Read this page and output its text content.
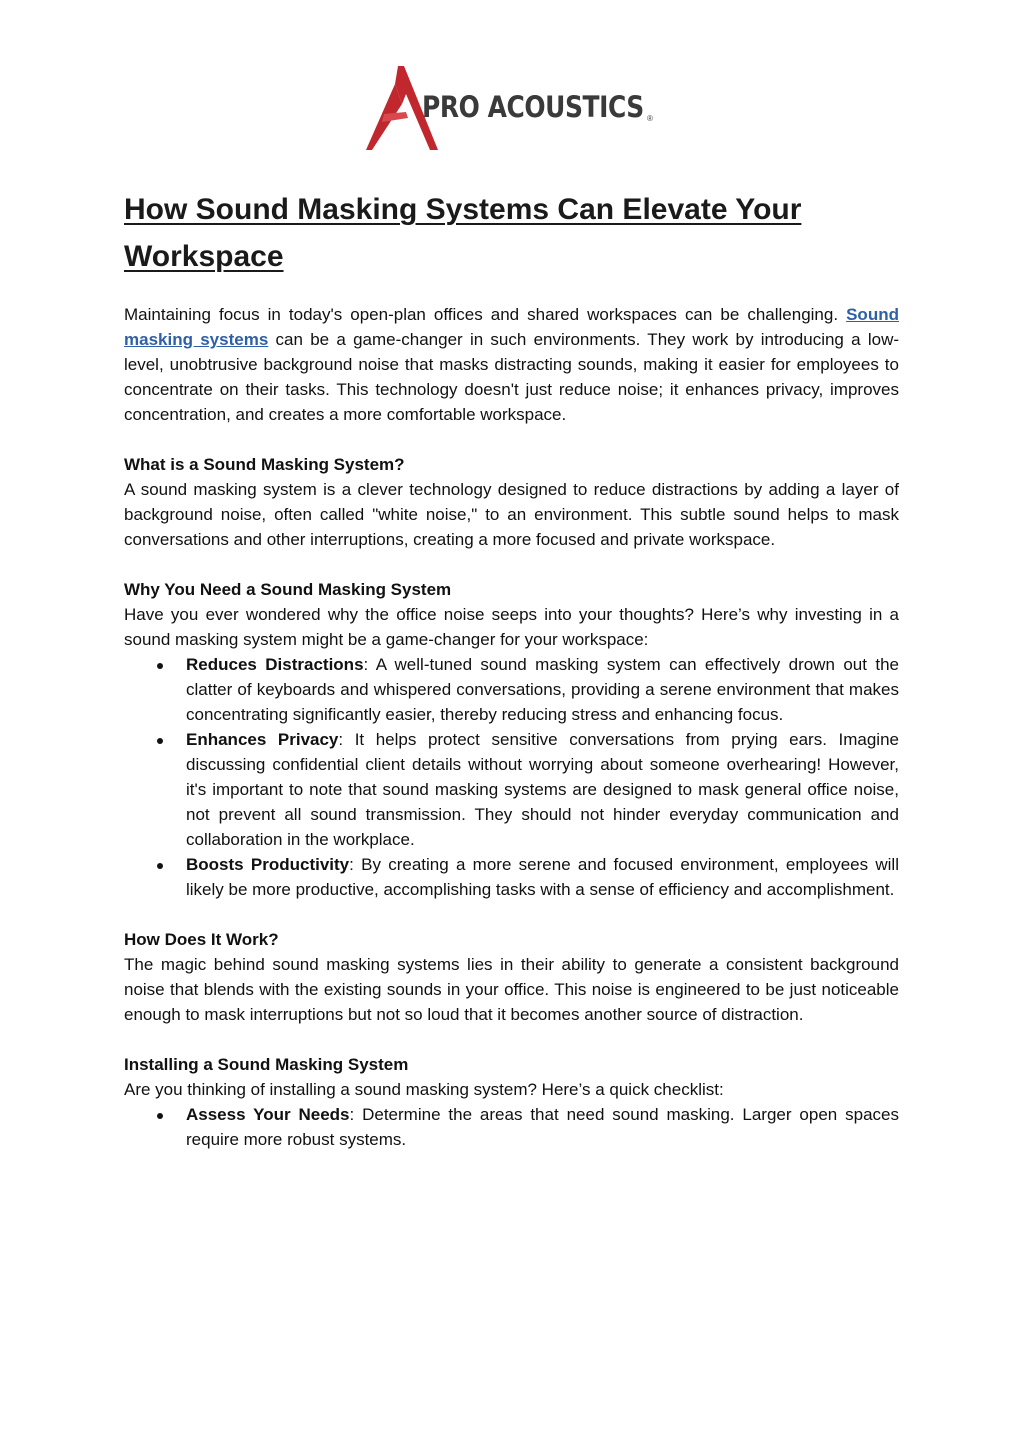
PRO ACOUSTICS ®
How Sound Masking Systems Can Elevate Your Workspace

Maintaining focus in today's open-plan offices and shared workspaces can be challenging. Sound masking systems can be a game-changer in such environments. They work by introducing a low-level, unobtrusive background noise that masks distracting sounds, making it easier for employees to concentrate on their tasks. This technology doesn't just reduce noise; it enhances privacy, improves concentration, and creates a more comfortable workspace.

What is a Sound Masking System?

A sound masking system is a clever technology designed to reduce distractions by adding a layer of background noise, often called "white noise," to an environment. This subtle sound helps to mask conversations and other interruptions, creating a more focused and private workspace.

Why You Need a Sound Masking System

Have you ever wondered why the office noise seeps into your thoughts? Here’s why investing in a sound masking system might be a game-changer for your workspace:

Reduces Distractions: A well-tuned sound masking system can effectively drown out the clatter of keyboards and whispered conversations, providing a serene environment that makes concentrating significantly easier, thereby reducing stress and enhancing focus.
Enhances Privacy: It helps protect sensitive conversations from prying ears. Imagine discussing confidential client details without worrying about someone overhearing! However, it's important to note that sound masking systems are designed to mask general office noise, not prevent all sound transmission. They should not hinder everyday communication and collaboration in the workplace.
Boosts Productivity: By creating a more serene and focused environment, employees will likely be more productive, accomplishing tasks with a sense of efficiency and accomplishment.
How Does It Work?

The magic behind sound masking systems lies in their ability to generate a consistent background noise that blends with the existing sounds in your office. This noise is engineered to be just noticeable enough to mask interruptions but not so loud that it becomes another source of distraction.

Installing a Sound Masking System

Are you thinking of installing a sound masking system? Here’s a quick checklist:

Assess Your Needs: Determine the areas that need sound masking. Larger open spaces require more robust systems.
